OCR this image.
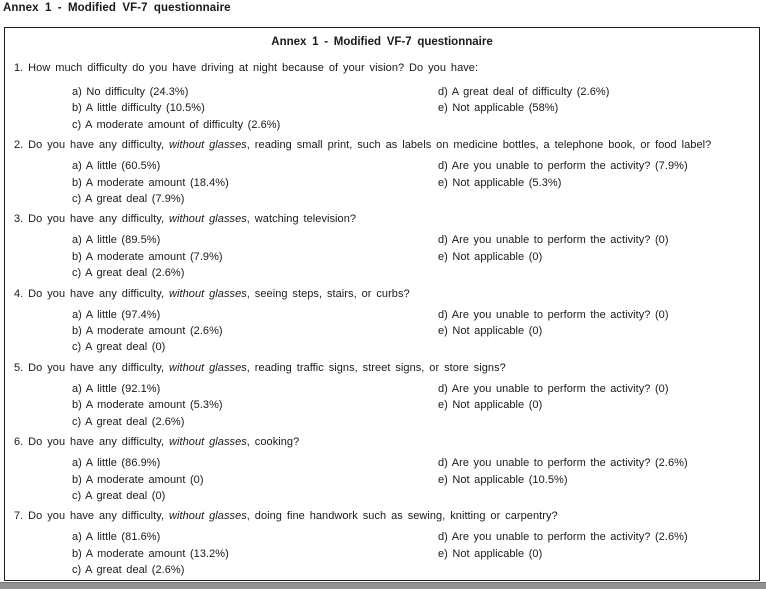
Annex 1 - Modified VF-7 questionnaire
Annex 1 - Modified VF-7 questionnaire
1. How much difficulty do you have driving at night because of your vision? Do you have:
a) No difficulty (24.3%)
b) A little difficulty (10.5%)
c) A moderate amount of difficulty (2.6%)
d) A great deal of difficulty (2.6%)
e) Not applicable (58%)
2. Do you have any difficulty, without glasses, reading small print, such as labels on medicine bottles, a telephone book, or food label?
a) A little (60.5%)
b) A moderate amount (18.4%)
c) A great deal (7.9%)
d) Are you unable to perform the activity? (7.9%)
e) Not applicable (5.3%)
3. Do you have any difficulty, without glasses, watching television?
a) A little (89.5%)
b) A moderate amount (7.9%)
c) A great deal (2.6%)
d) Are you unable to perform the activity? (0)
e) Not applicable (0)
4. Do you have any difficulty, without glasses, seeing steps, stairs, or curbs?
a) A little (97.4%)
b) A moderate amount (2.6%)
c) A great deal (0)
d) Are you unable to perform the activity? (0)
e) Not applicable (0)
5. Do you have any difficulty, without glasses, reading traffic signs, street signs, or store signs?
a) A little (92.1%)
b) A moderate amount (5.3%)
c) A great deal (2.6%)
d) Are you unable to perform the activity? (0)
e) Not applicable (0)
6. Do you have any difficulty, without glasses, cooking?
a) A little (86.9%)
b) A moderate amount (0)
c) A great deal (0)
d) Are you unable to perform the activity? (2.6%)
e) Not applicable (10.5%)
7. Do you have any difficulty, without glasses, doing fine handwork such as sewing, knitting or carpentry?
a) A little (81.6%)
b) A moderate amount (13.2%)
c) A great deal (2.6%)
d) Are you unable to perform the activity? (2.6%)
e) Not applicable (0)
